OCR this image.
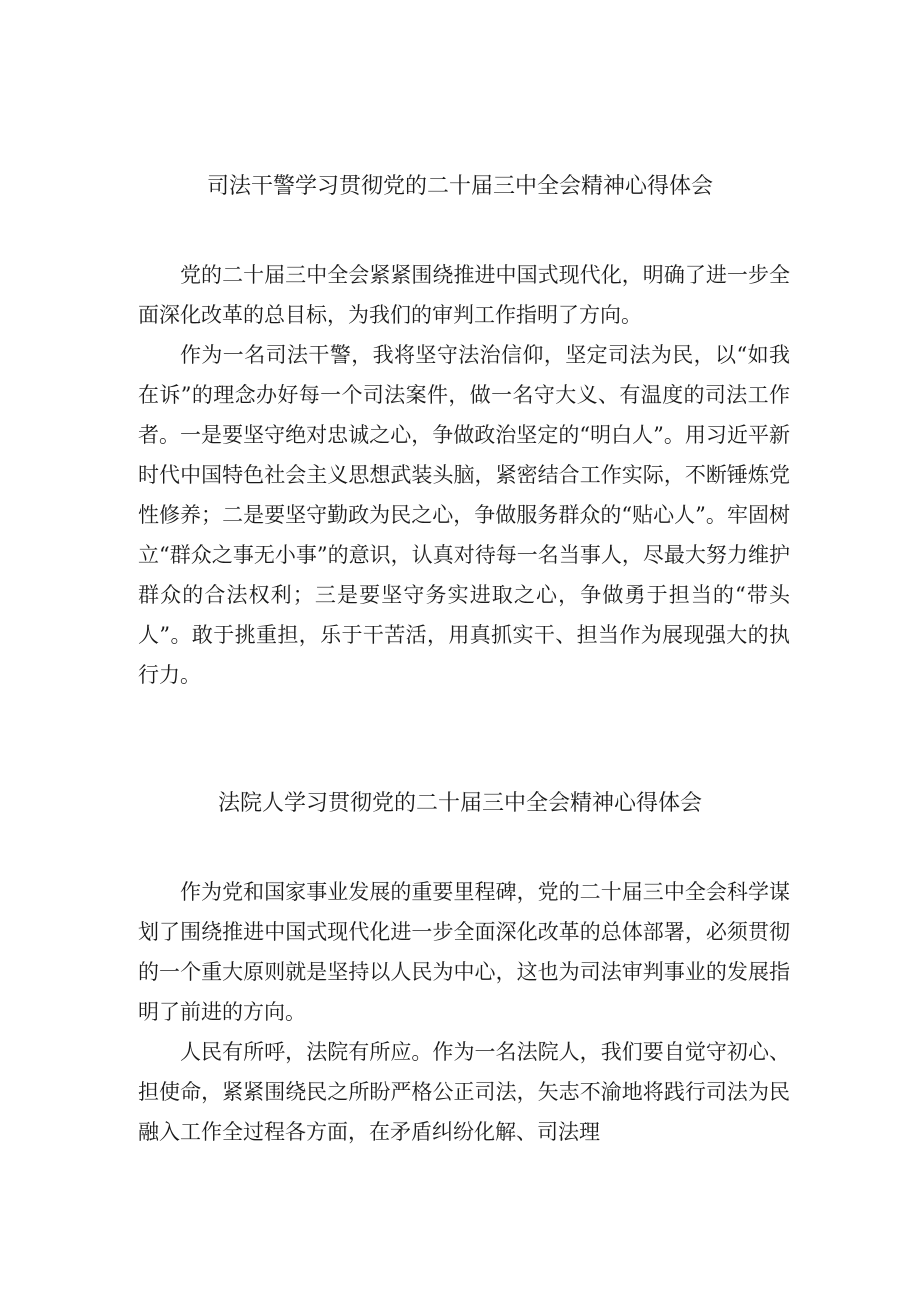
司法干警学习贯彻党的二十届三中全会精神心得体会

党的二十届三中全会紧紧围绕推进中国式现代化，明确了进一步全面深化改革的总目标，为我们的审判工作指明了方向。

作为一名司法干警，我将坚守法治信仰，坚定司法为民，以“如我在诉”的理念办好每一个司法案件，做一名守大义、有温度的司法工作者。一是要坚守绝对忠诚之心，争做政治坚定的“明白人”。用习近平新时代中国特色社会主义思想武装头脑，紧密结合工作实际，不断锤炼党性修养；二是要坚守勤政为民之心，争做服务群众的“贴心人”。牢固树立“群众之事无小事”的意识，认真对待每一名当事人，尽最大努力维护群众的合法权利；三是要坚守务实进取之心，争做勇于担当的“带头人”。敢于挑重担，乐于干苦活，用真抓实干、担当作为展现强大的执行力。

法院人学习贯彻党的二十届三中全会精神心得体会

作为党和国家事业发展的重要里程碑，党的二十届三中全会科学谋划了围绕推进中国式现代化进一步全面深化改革的总体部署，必须贯彻的一个重大原则就是坚持以人民为中心，这也为司法审判事业的发展指明了前进的方向。

人民有所呼，法院有所应。作为一名法院人，我们要自觉守初心、担使命，紧紧围绕民之所盼严格公正司法，矢志不渝地将践行司法为民融入工作全过程各方面，在矛盾纠纷化解、司法理
